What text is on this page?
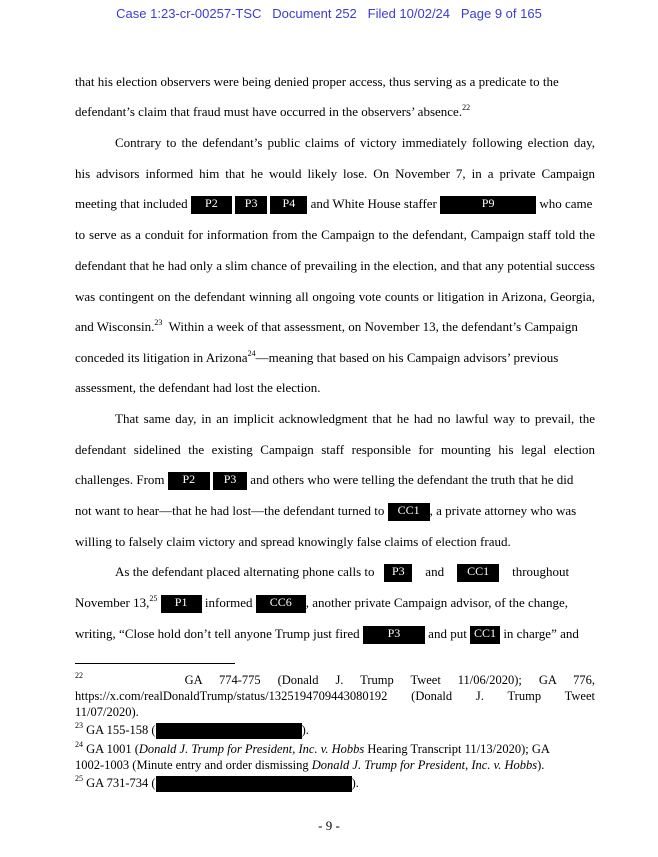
Case 1:23-cr-00257-TSC   Document 252   Filed 10/02/24   Page 9 of 165
that his election observers were being denied proper access, thus serving as a predicate to the
defendant’s claim that fraud must have occurred in the observers’ absence.$^{22}$
Contrary to the defendant’s public claims of victory immediately following election day,
his advisors informed him that he would likely lose. On November 7, in a private Campaign
meeting that included P2 P3 P4 and White House staffer	P9	who came
to serve as a conduit for information from the Campaign to the defendant, Campaign staff told the
defendant that he had only a slim chance of prevailing in the election, and that any potential success
was contingent on the defendant winning all ongoing vote counts or litigation in Arizona, Georgia,
and Wisconsin.$^{23}$ Within a week of that assessment, on November 13, the defendant’s Campaign
conceded its litigation in Arizona$^{24}$—meaning that based on his Campaign advisors’ previous
assessment, the defendant had lost the election.
That same day, in an implicit acknowledgment that he had no lawful way to prevail, the
defendant sidelined the existing Campaign staff responsible for mounting his legal election
challenges. From P2 P3 and others who were telling the defendant the truth that he did
not want to hear—that he had lost—the defendant turned to CC1 , a private attorney who was
willing to falsely claim victory and spread knowingly false claims of election fraud.
As the defendant placed alternating phone calls to P3 and CC1 throughout
November 13,25 P1 informed CC6 , another private Campaign advisor, of the change,
writing, “Close hold don’t tell anyone Trump just fired P3 and put CC1 in charge” and
$^{22}$	GA 774-775 (Donald J. Trump Tweet 11/06/2020); GA 776,
https://x.com/realDonaldTrump/status/1325194709443080192 (Donald J. Trump Tweet
11/07/2020).
$^{23}$ GA 155-158 (	).
$^{24}$ GA 1001 (Donald J. Trump for President, Inc. v. Hobbs Hearing Transcript 11/13/2020); GA
1002-1003 (Minute entry and order dismissing Donald J. Trump for President, Inc. v. Hobbs).
$^{25}$ GA 731-734 (	).
- 9 -
